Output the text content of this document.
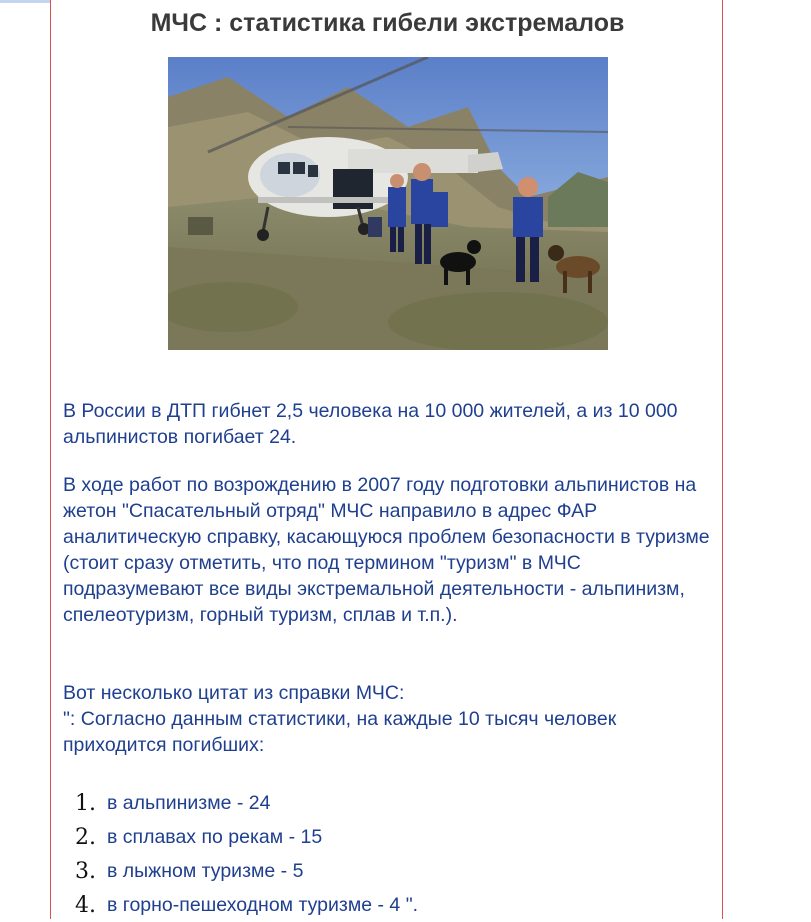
МЧС : статистика гибели экстремалов

В России в ДТП гибнет 2,5 человека на 10 000 жителей, а из 10 000 альпинистов погибает 24.

В ходе работ по возрождению в 2007 году подготовки альпинистов на жетон "Спасательный отряд" МЧС направило в адрес ФАР аналитическую справку, касающуюся проблем безопасности в туризме (стоит сразу отметить, что под термином "туризм" в МЧС подразумевают все виды экстремальной деятельности - альпинизм, спелеотуризм, горный туризм, сплав и т.п.).

Вот несколько цитат из справки МЧС:
": Согласно данным статистики, на каждые 10 тысяч человек приходится погибших:

1. в альпинизме - 24
2. в сплавах по рекам - 15
3. в лыжном туризме - 5
4. в горно-пешеходном туризме - 4 ".
